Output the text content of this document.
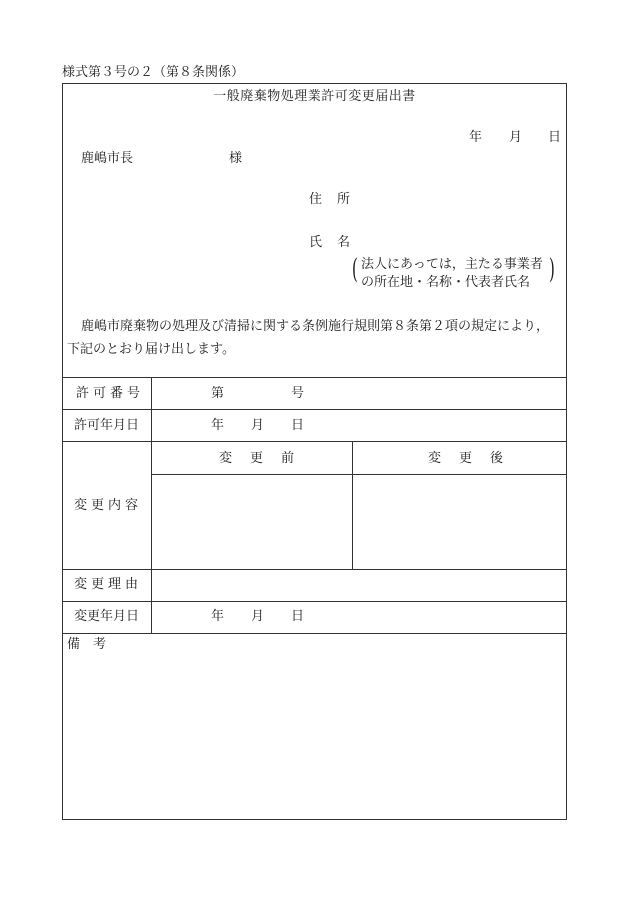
様式第３号の２（第８条関係）
一般廃棄物処理業許可変更届出書
年 月 日
鹿嶋市長	様
住 所
氏 名
( 法人にあっては，主たる事業者
の所在地・名称・代表者氏名 )
鹿嶋市廃棄物の処理及び清掃に関する条例施行規則第８条第２項の規定により，
下記のとおり届け出します。
許可番号	第	号
許可年月日	年 月 日
変更内容
変更前	変更後
変更理由
変更年月日	年 月 日
備　考
